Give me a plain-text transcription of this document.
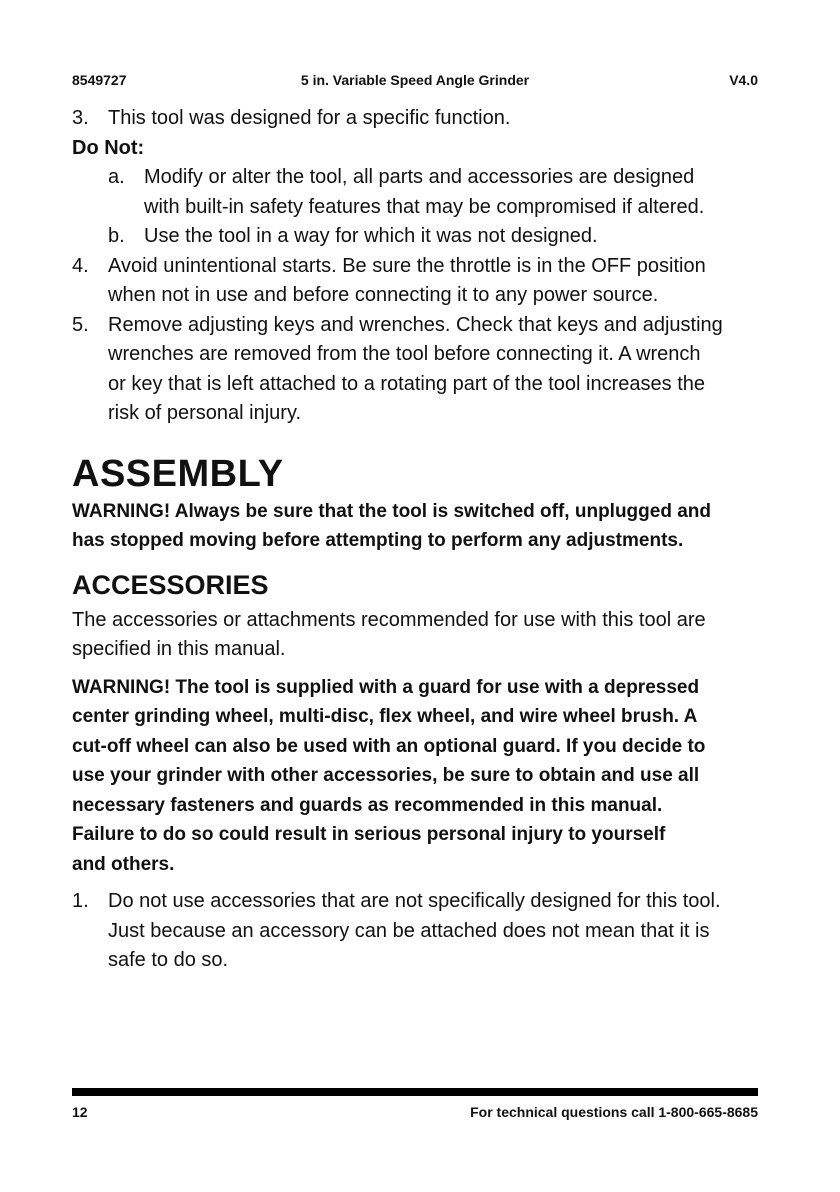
8549727	5 in. Variable Speed Angle Grinder	V4.0
3. This tool was designed for a specific function.
Do Not:
a. Modify or alter the tool, all parts and accessories are designed
with built-in safety features that may be compromised if altered.
b. Use the tool in a way for which it was not designed.
4. Avoid unintentional starts. Be sure the throttle is in the OFF position
when not in use and before connecting it to any power source.
5. Remove adjusting keys and wrenches. Check that keys and adjusting
wrenches are removed from the tool before connecting it. A wrench
or key that is left attached to a rotating part of the tool increases the
risk of personal injury.
ASSEMBLY
WARNING! Always be sure that the tool is switched off, unplugged and
has stopped moving before attempting to perform any adjustments.
ACCESSORIES
The accessories or attachments recommended for use with this tool are
specified in this manual.
WARNING! The tool is supplied with a guard for use with a depressed
center grinding wheel, multi-disc, flex wheel, and wire wheel brush. A
cut-off wheel can also be used with an optional guard. If you decide to
use your grinder with other accessories, be sure to obtain and use all
necessary fasteners and guards as recommended in this manual.
Failure to do so could result in serious personal injury to yourself
and others.
1. Do not use accessories that are not specifically designed for this tool.
Just because an accessory can be attached does not mean that it is
safe to do so.
12	For technical questions call 1-800-665-8685
